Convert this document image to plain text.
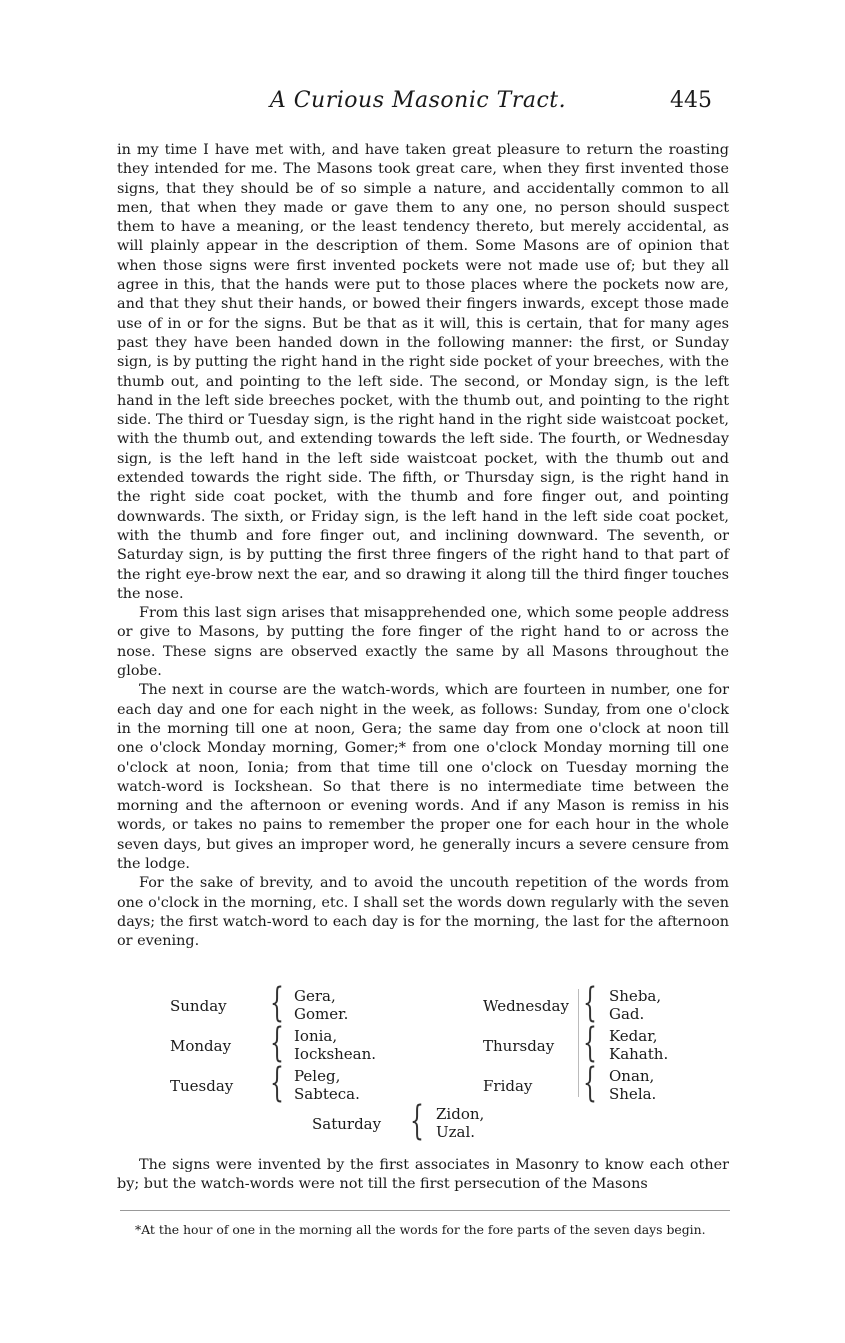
A Curious Masonic Tract.	445

in my time I have met with, and have taken great pleasure to return the roasting they intended for me. The Masons took great care, when they first invented those signs, that they should be of so simple a nature, and accidentally common to all men, that when they made or gave them to any one, no person should suspect them to have a meaning, or the least tendency thereto, but merely accidental, as will plainly appear in the description of them. Some Masons are of opinion that when those signs were first invented pockets were not made use of; but they all agree in this, that the hands were put to those places where the pockets now are, and that they shut their hands, or bowed their fingers inwards, except those made use of in or for the signs. But be that as it will, this is certain, that for many ages past they have been handed down in the following manner: the first, or Sunday sign, is by putting the right hand in the right side pocket of your breeches, with the thumb out, and pointing to the left side. The second, or Monday sign, is the left hand in the left side breeches pocket, with the thumb out, and pointing to the right side. The third or Tuesday sign, is the right hand in the right side waistcoat pocket, with the thumb out, and extending towards the left side. The fourth, or Wednesday sign, is the left hand in the left side waistcoat pocket, with the thumb out and extended towards the right side. The fifth, or Thursday sign, is the right hand in the right side coat pocket, with the thumb and fore finger out, and pointing downwards. The sixth, or Friday sign, is the left hand in the left side coat pocket, with the thumb and fore finger out, and inclining downward. The seventh, or Saturday sign, is by putting the first three fingers of the right hand to that part of the right eye-brow next the ear, and so drawing it along till the third finger touches the nose.

From this last sign arises that misapprehended one, which some people address or give to Masons, by putting the fore finger of the right hand to or across the nose. These signs are observed exactly the same by all Masons throughout the globe.

The next in course are the watch-words, which are fourteen in number, one for each day and one for each night in the week, as follows: Sunday, from one o'clock in the morning till one at noon, Gera; the same day from one o'clock at noon till one o'clock Monday morning, Gomer;* from one o'clock Monday morning till one o'clock at noon, Ionia; from that time till one o'clock on Tuesday morning the watch-word is Iockshean. So that there is no intermediate time between the morning and the afternoon or evening words. And if any Mason is remiss in his words, or takes no pains to remember the proper one for each hour in the whole seven days, but gives an improper word, he generally incurs a severe censure from the lodge.

For the sake of brevity, and to avoid the uncouth repetition of the words from one o'clock in the morning, etc. I shall set the words down regularly with the seven days; the first watch-word to each day is for the morning, the last for the afternoon or evening.

Sunday { Gera,
Gomer.
Monday { Ionia,
Iockshean.
Tuesday { Peleg,
Sabteca.
Wednesday { Sheba,
Gad.
Thursday { Kedar,
Kahath.
Friday { Onan,
Shela.
Saturday { Zidon,
Uzal.

The signs were invented by the first associates in Masonry to know each other by; but the watch-words were not till the first persecution of the Masons

*At the hour of one in the morning all the words for the fore parts of the seven days begin.
